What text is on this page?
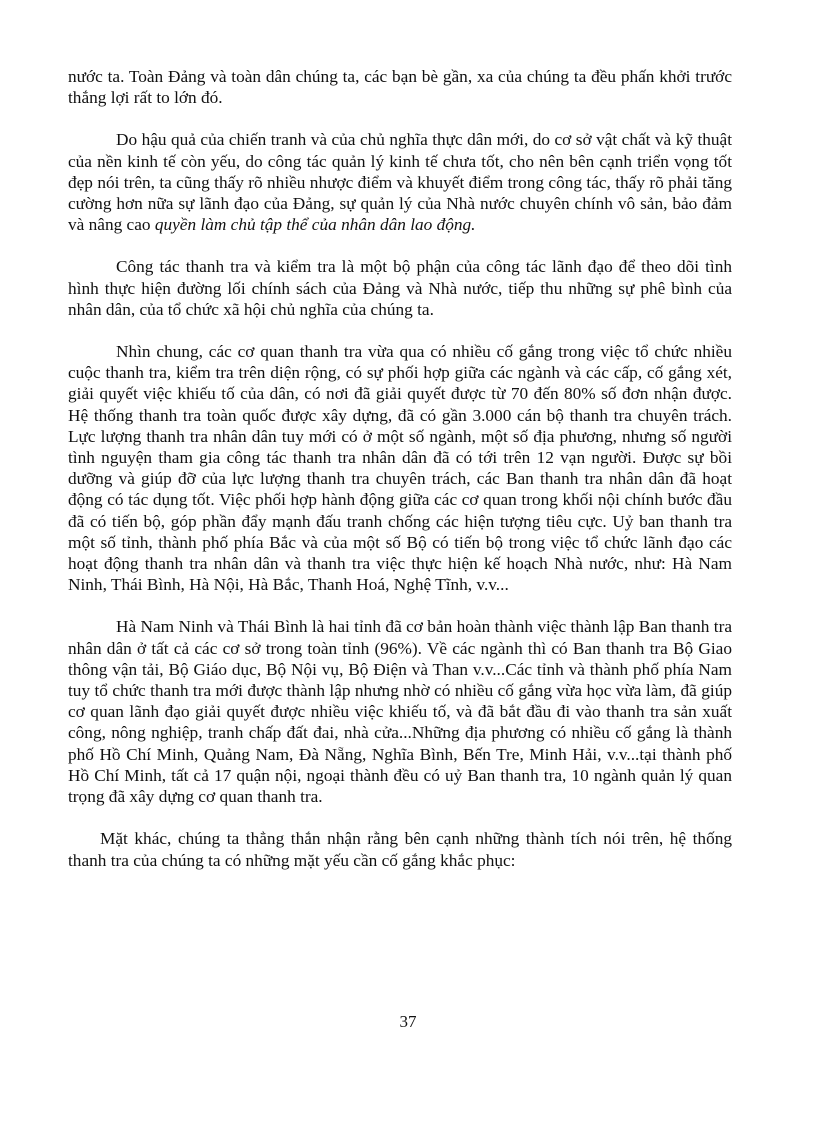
nước ta. Toàn Đảng và toàn dân chúng ta, các bạn bè gần, xa của chúng ta đều phấn khởi trước thắng lợi rất to lớn đó.

Do hậu quả của chiến tranh và của chủ nghĩa thực dân mới, do cơ sở vật chất và kỹ thuật của nền kinh tế còn yếu, do công tác quản lý kinh tế chưa tốt, cho nên bên cạnh triển vọng tốt đẹp nói trên, ta cũng thấy rõ nhiều nhược điểm và khuyết điểm trong công tác, thấy rõ phải tăng cường hơn nữa sự lãnh đạo của Đảng, sự quản lý của Nhà nước chuyên chính vô sản, bảo đảm và nâng cao quyền làm chủ tập thể của nhân dân lao động.

Công tác thanh tra và kiểm tra là một bộ phận của công tác lãnh đạo để theo dõi tình hình thực hiện đường lối chính sách của Đảng và Nhà nước, tiếp thu những sự phê bình của nhân dân, của tổ chức xã hội chủ nghĩa của chúng ta.

Nhìn chung, các cơ quan thanh tra vừa qua có nhiều cố gắng trong việc tổ chức nhiều cuộc thanh tra, kiểm tra trên diện rộng, có sự phối hợp giữa các ngành và các cấp, cố gắng xét, giải quyết việc khiếu tố của dân, có nơi đã giải quyết được từ 70 đến 80% số đơn nhận được. Hệ thống thanh tra toàn quốc được xây dựng, đã có gần 3.000 cán bộ thanh tra chuyên trách. Lực lượng thanh tra nhân dân tuy mới có ở một số ngành, một số địa phương, nhưng số người tình nguyện tham gia công tác thanh tra nhân dân đã có tới trên 12 vạn người. Được sự bồi dưỡng và giúp đỡ của lực lượng thanh tra chuyên trách, các Ban thanh tra nhân dân đã hoạt động có tác dụng tốt. Việc phối hợp hành động giữa các cơ quan trong khối nội chính bước đầu đã có tiến bộ, góp phần đẩy mạnh đấu tranh chống các hiện tượng tiêu cực. Uỷ ban thanh tra một số tỉnh, thành phố phía Bắc và của một số Bộ có tiến bộ trong việc tổ chức lãnh đạo các hoạt động thanh tra nhân dân và thanh tra việc thực hiện kế hoạch Nhà nước, như: Hà Nam Ninh, Thái Bình, Hà Nội, Hà Bắc, Thanh Hoá, Nghệ Tĩnh, v.v...

Hà Nam Ninh và Thái Bình là hai tỉnh đã cơ bản hoàn thành việc thành lập Ban thanh tra nhân dân ở tất cả các cơ sở trong toàn tỉnh (96%). Về các ngành thì có Ban thanh tra Bộ Giao thông vận tải, Bộ Giáo dục, Bộ Nội vụ, Bộ Điện và Than v.v...Các tỉnh và thành phố phía Nam tuy tổ chức thanh tra mới được thành lập nhưng nhờ có nhiều cố gắng vừa học vừa làm, đã giúp cơ quan lãnh đạo giải quyết được nhiều việc khiếu tố, và đã bắt đầu đi vào thanh tra sản xuất công, nông nghiệp, tranh chấp đất đai, nhà cửa...Những địa phương có nhiều cố gắng là thành phố Hồ Chí Minh, Quảng Nam, Đà Nẵng, Nghĩa Bình, Bến Tre, Minh Hải, v.v...tại thành phố Hồ Chí Minh, tất cả 17 quận nội, ngoại thành đều có uỷ Ban thanh tra, 10 ngành quản lý quan trọng đã xây dựng cơ quan thanh tra.

Mặt khác, chúng ta thẳng thắn nhận rằng bên cạnh những thành tích nói trên, hệ thống thanh tra của chúng ta có những mặt yếu cần cố gắng khắc phục:

37
